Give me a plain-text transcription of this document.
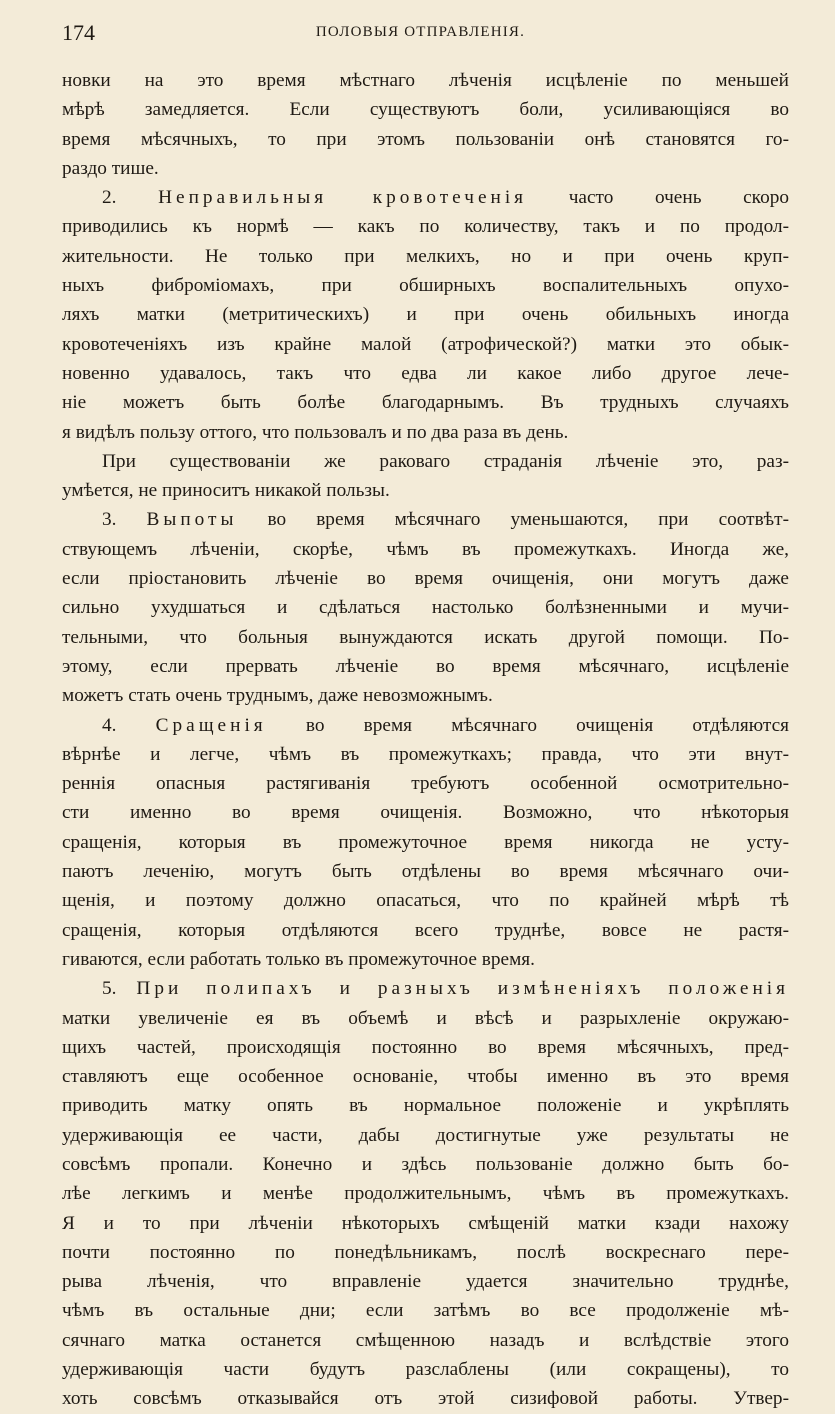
174	ПОЛОВЫЯ ОТПРАВЛЕНІЯ.
новки на это время мѣстнаго лѣченія исцѣленіе по меньшей
мѣрѣ замедляется. Если существуютъ боли, усиливающіяся во
время мѣсячныхъ, то при этомъ пользованіи онѣ становятся го-
раздо тише.
2. Неправильныя кровотеченія часто очень скоро
приводились къ нормѣ — какъ по количеству, такъ и по продол-
жительности. Не только при мелкихъ, но и при очень круп-
ныхъ фиброміомахъ, при обширныхъ воспалительныхъ опухо-
ляхъ матки (метритическихъ) и при очень обильныхъ иногда
кровотеченіяхъ изъ крайне малой (атрофической?) матки это обык-
новенно удавалось, такъ что едва ли какое либо другое лече-
ніе можетъ быть болѣе благодарнымъ. Въ трудныхъ случаяхъ
я видѣлъ пользу оттого, что пользовалъ и по два раза въ день.
При существованіи же раковаго страданія лѣченіе это, раз-
умѣется, не приноситъ никакой пользы.
3. Выпоты во время мѣсячнаго уменьшаются, при соотвѣт-
ствующемъ лѣченіи, скорѣе, чѣмъ въ промежуткахъ. Иногда же,
если пріостановить лѣченіе во время очищенія, они могутъ даже
сильно ухудшаться и сдѣлаться настолько болѣзненными и мучи-
тельными, что больныя вынуждаются искать другой помощи. По-
этому, если прервать лѣченіе во время мѣсячнаго, исцѣленіе
можетъ стать очень труднымъ, даже невозможнымъ.
4. Сращенія во время мѣсячнаго очищенія отдѣляются
вѣрнѣе и легче, чѣмъ въ промежуткахъ; правда, что эти внут-
реннія опасныя растягиванія требуютъ особенной осмотрительно-
сти именно во время очищенія. Возможно, что нѣкоторыя
сращенія, которыя въ промежуточное время никогда не усту-
паютъ леченію, могутъ быть отдѣлены во время мѣсячнаго очи-
щенія, и поэтому должно опасаться, что по крайней мѣрѣ тѣ
сращенія, которыя отдѣляются всего труднѣе, вовсе не растя-
гиваются, если работать только въ промежуточное время.
5. При полипахъ и разныхъ измѣненіяхъ положенія
матки увеличеніе ея въ объемѣ и вѣсѣ и разрыхленіе окружаю-
щихъ частей, происходящія постоянно во время мѣсячныхъ, пред-
ставляютъ еще особенное основаніе, чтобы именно въ это время
приводить матку опять въ нормальное положеніе и укрѣплять
удерживающія ее части, дабы достигнутые уже результаты не
совсѣмъ пропали. Конечно и здѣсь пользованіе должно быть бо-
лѣе легкимъ и менѣе продолжительнымъ, чѣмъ въ промежуткахъ.
Я и то при лѣченіи нѣкоторыхъ смѣщеній матки кзади нахожу
почти постоянно по понедѣльникамъ, послѣ воскреснаго пере-
рыва лѣченія, что вправленіе удается значительно труднѣе,
чѣмъ въ остальные дни; если затѣмъ во все продолженіе мѣ-
сячнаго матка останется смѣщенною назадъ и вслѣдствіе этого
удерживающія части будутъ разслаблены (или сокращены), то
хоть совсѣмъ отказывайся отъ этой сизифовой работы. Утвер-
